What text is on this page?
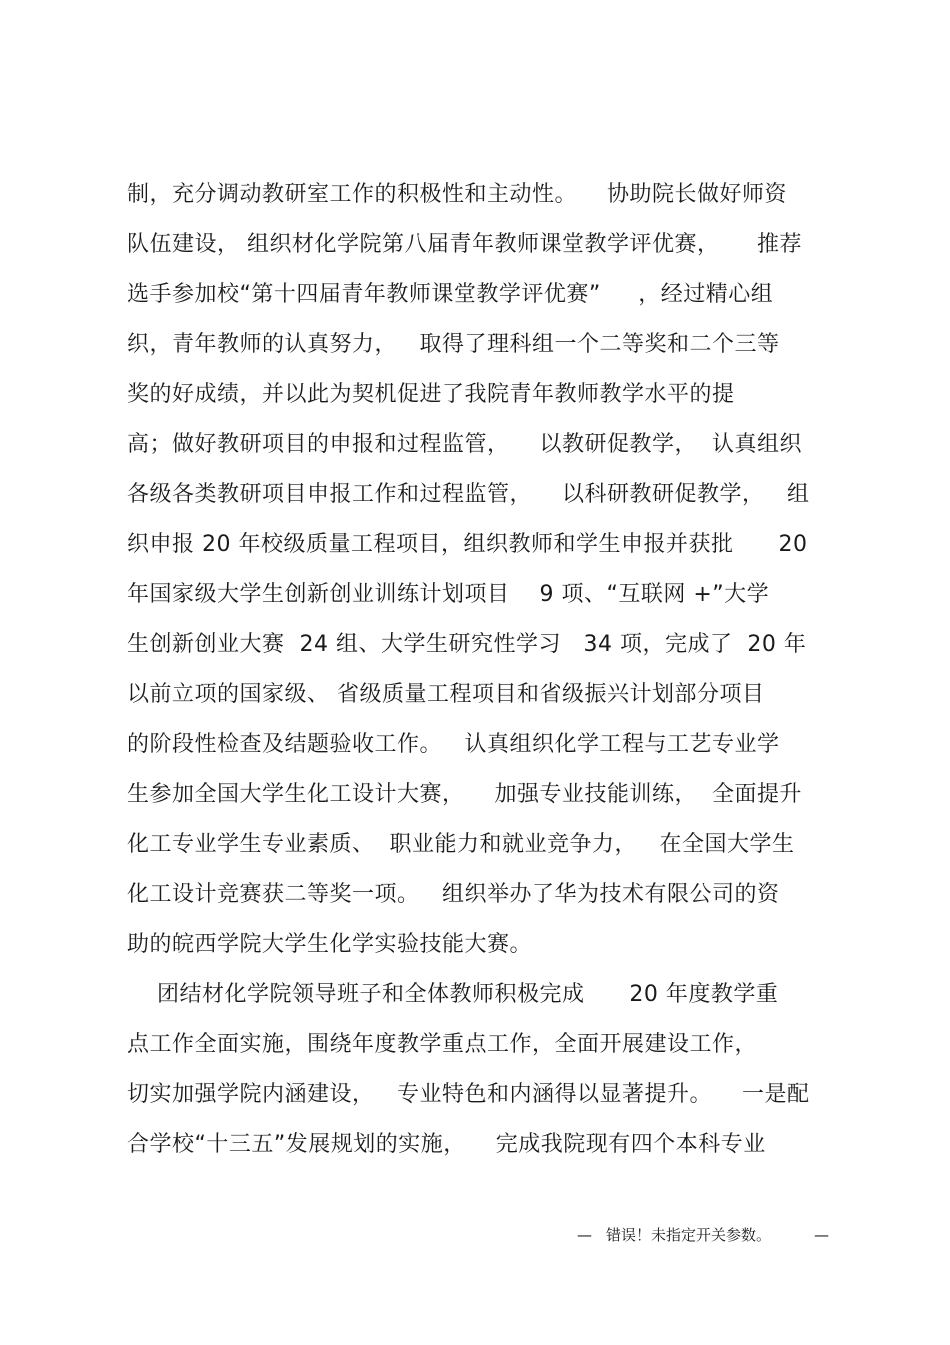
制，充分调动教研室工作的积极性和主动性。    协助院长做好师资
队伍建设， 组织材化学院第八届青年教师课堂教学评优赛，     推荐
选手参加校“第十四届青年教师课堂教学评优赛”     ，经过精心组
织，青年教师的认真努力，   取得了理科组一个二等奖和二个三等
奖的好成绩，并以此为契机促进了我院青年教师教学水平的提
高；做好教研项目的申报和过程监管，    以教研促教学，  认真组织
各级各类教研项目申报工作和过程监管，    以科研教研促教学，   组
织申报 20 年校级质量工程项目，组织教师和学生申报并获批      20
年国家级大学生创新创业训练计划项目    9 项、“互联网 +”大学
生创新创业大赛  24 组、大学生研究性学习   34 项，完成了  20 年
以前立项的国家级、 省级质量工程项目和省级振兴计划部分项目
的阶段性检查及结题验收工作。   认真组织化学工程与工艺专业学
生参加全国大学生化工设计大赛，    加强专业技能训练，  全面提升
化工专业学生专业素质、  职业能力和就业竞争力，   在全国大学生
化工设计竞赛获二等奖一项。   组织举办了华为技术有限公司的资
助的皖西学院大学生化学实验技能大赛。
团结材化学院领导班子和全体教师积极完成      20 年度教学重
点工作全面实施，围绕年度教学重点工作，全面开展建设工作，
切实加强学院内涵建设，   专业特色和内涵得以显著提升。    一是配
合学校“十三五”发展规划的实施，    完成我院现有四个本科专业
— 错误！未指定开关参数。	—
